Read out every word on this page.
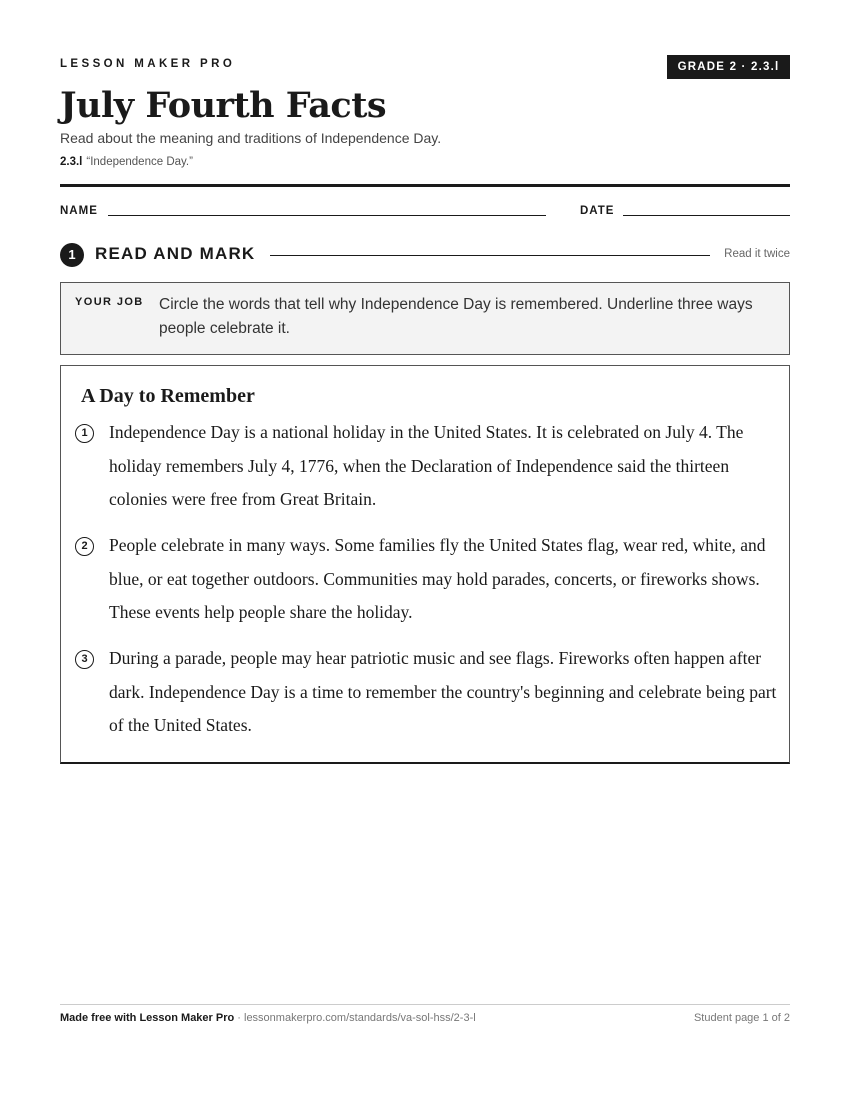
LESSON MAKER PRO	GRADE 2 · 2.3.l
July Fourth Facts
Read about the meaning and traditions of Independence Day.
2.3.l “Independence Day.”
NAME	DATE
1	READ AND MARK	Read it twice
YOUR JOB Circle the words that tell why Independence Day is remembered. Underline three ways people celebrate it.
A Day to Remember
1	Independence Day is a national holiday in the United States. It is celebrated on July 4. The holiday remembers July 4, 1776, when the Declaration of Independence said the thirteen colonies were free from Great Britain.
2	People celebrate in many ways. Some families fly the United States flag, wear red, white, and blue, or eat together outdoors. Communities may hold parades, concerts, or fireworks shows. These events help people share the holiday.
3	During a parade, people may hear patriotic music and see flags. Fireworks often happen after dark. Independence Day is a time to remember the country's beginning and celebrate being part of the United States.
Made free with Lesson Maker Pro · lessonmakerpro.com/standards/va-sol-hss/2-3-l	Student page 1 of 2
